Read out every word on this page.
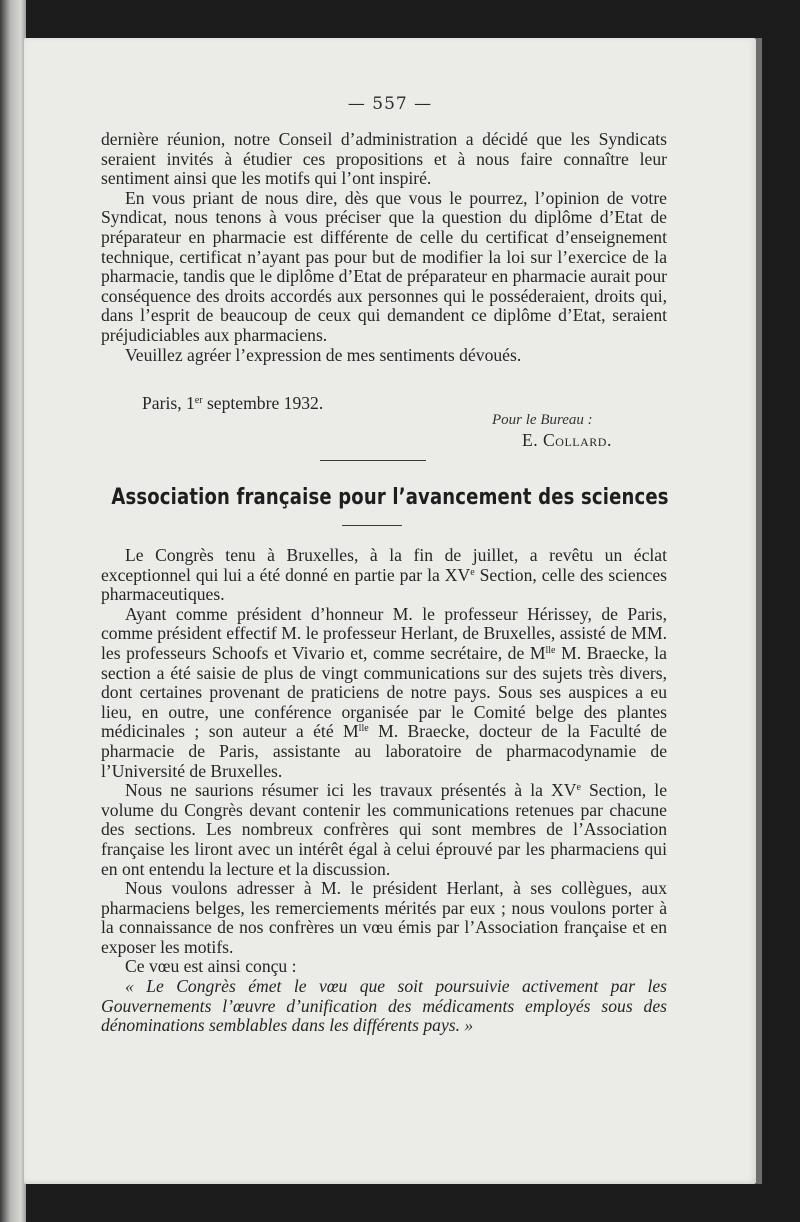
— 557 —

dernière réunion, notre Conseil d’administration a décidé que les Syndicats seraient invités à étudier ces propositions et à nous faire connaître leur sentiment ainsi que les motifs qui l’ont inspiré.

En vous priant de nous dire, dès que vous le pourrez, l’opinion de votre Syndicat, nous tenons à vous préciser que la question du diplôme d’Etat de préparateur en pharmacie est différente de celle du certificat d’enseignement technique, certificat n’ayant pas pour but de modifier la loi sur l’exercice de la pharmacie, tandis que le diplôme d’Etat de préparateur en pharmacie aurait pour conséquence des droits accordés aux personnes qui le posséderaient, droits qui, dans l’esprit de beaucoup de ceux qui demandent ce diplôme d’Etat, seraient préjudiciables aux pharmaciens.

Veuillez agréer l’expression de mes sentiments dévoués.

Paris, 1er septembre 1932.
Pour le Bureau :
E. Collard.
Association française pour l’avancement des sciences

Le Congrès tenu à Bruxelles, à la fin de juillet, a revêtu un éclat exceptionnel qui lui a été donné en partie par la XVe Section, celle des sciences pharmaceutiques.

Ayant comme président d’honneur M. le professeur Hérissey, de Paris, comme président effectif M. le professeur Herlant, de Bruxelles, assisté de MM. les professeurs Schoofs et Vivario et, comme secrétaire, de $M^{lle}$ M. Braecke, la section a été saisie de plus de vingt communications sur des sujets très divers, dont certaines provenant de praticiens de notre pays. Sous ses auspices a eu lieu, en outre, une conférence organisée par le Comité belge des plantes médicinales ; son auteur a été $M^{lle}$ M. Braecke, docteur de la Faculté de pharmacie de Paris, assistante au laboratoire de pharmacodynamie de l’Université de Bruxelles.

Nous ne saurions résumer ici les travaux présentés à la XVe Section, le volume du Congrès devant contenir les communications retenues par chacune des sections. Les nombreux confrères qui sont membres de l’Association française les liront avec un intérêt égal à celui éprouvé par les pharmaciens qui en ont entendu la lecture et la discussion.

Nous voulons adresser à M. le président Herlant, à ses collègues, aux pharmaciens belges, les remerciements mérités par eux ; nous voulons porter à la connaissance de nos confrères un vœu émis par l’Association française et en exposer les motifs.

Ce vœu est ainsi conçu :

« Le Congrès émet le vœu que soit poursuivie activement par les Gouvernements l’œuvre d’unification des médicaments employés sous des dénominations semblables dans les différents pays. »
